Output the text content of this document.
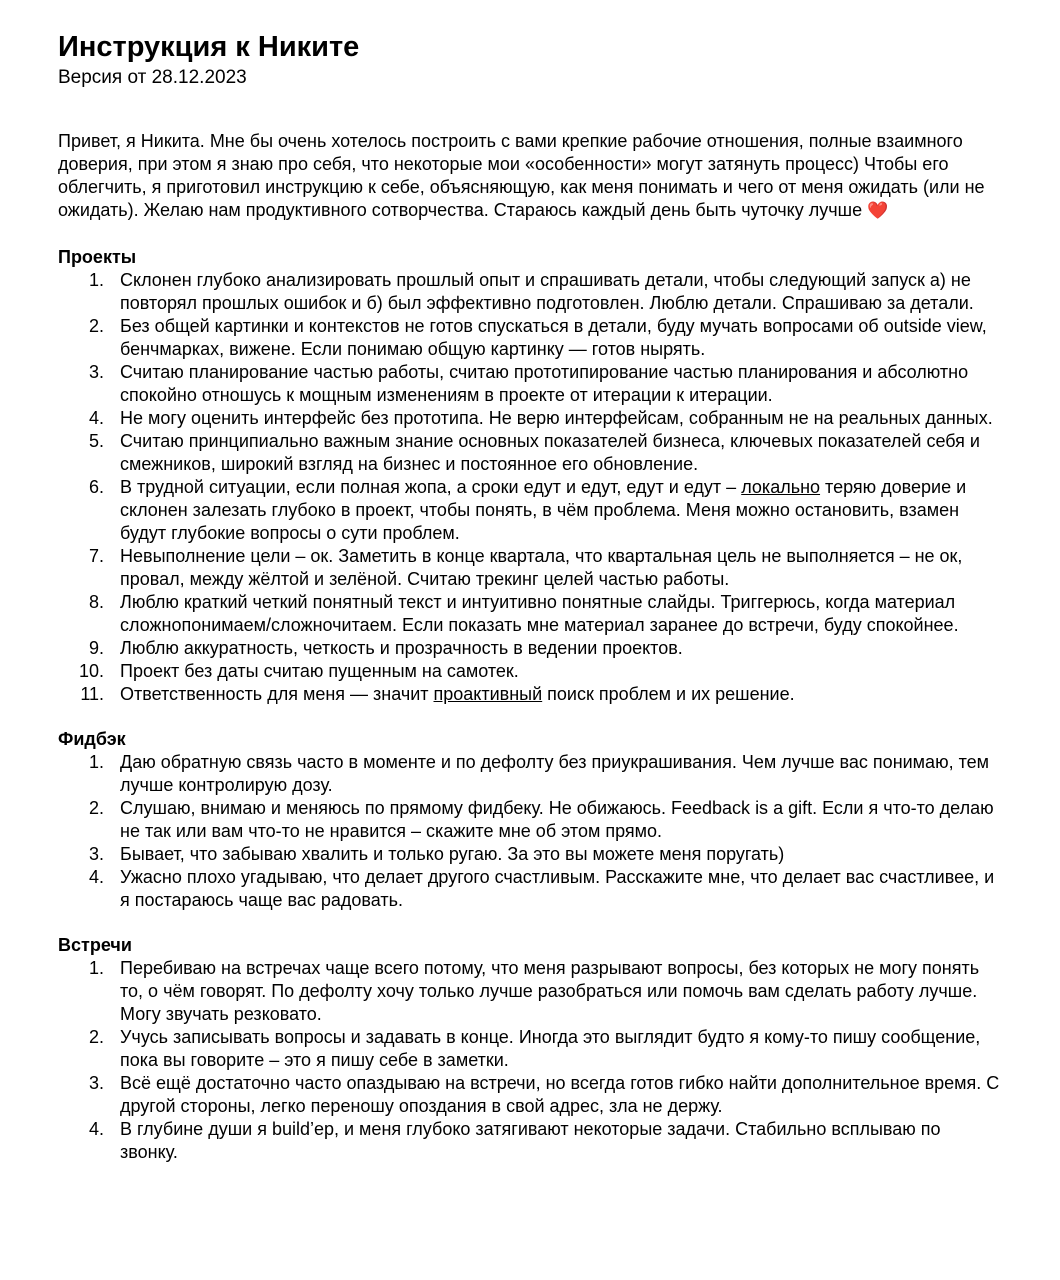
Инструкция к Никите

Версия от 28.12.2023

Привет, я Никита. Мне бы очень хотелось построить с вами крепкие рабочие отношения, полные взаимного доверия, при этом я знаю про себя, что некоторые мои «особенности» могут затянуть процесс) Чтобы его облегчить, я приготовил инструкцию к себе, объясняющую, как меня понимать и чего от меня ожидать (или не ожидать). Желаю нам продуктивного сотворчества. Стараюсь каждый день быть чуточку лучше ❤️

Проекты
1. Склонен глубоко анализировать прошлый опыт и спрашивать детали, чтобы следующий запуск а) не повторял прошлых ошибок и б) был эффективно подготовлен. Люблю детали. Спрашиваю за детали.
2. Без общей картинки и контекстов не готов спускаться в детали, буду мучать вопросами об outside view, бенчмарках, вижене. Если понимаю общую картинку — готов нырять.
3. Считаю планирование частью работы, считаю прототипирование частью планирования и абсолютно спокойно отношусь к мощным изменениям в проекте от итерации к итерации.
4. Не могу оценить интерфейс без прототипа. Не верю интерфейсам, собранным не на реальных данных.
5. Считаю принципиально важным знание основных показателей бизнеса, ключевых показателей себя и смежников, широкий взгляд на бизнес и постоянное его обновление.
6. В трудной ситуации, если полная жопа, а сроки едут и едут, едут и едут – локально теряю доверие и склонен залезать глубоко в проект, чтобы понять, в чём проблема. Меня можно остановить, взамен будут глубокие вопросы о сути проблем.
7. Невыполнение цели – ок. Заметить в конце квартала, что квартальная цель не выполняется – не ок, провал, между жёлтой и зелёной. Считаю трекинг целей частью работы.
8. Люблю краткий четкий понятный текст и интуитивно понятные слайды. Триггерюсь, когда материал сложнопонимаем/сложночитаем. Если показать мне материал заранее до встречи, буду спокойнее.
9. Люблю аккуратность, четкость и прозрачность в ведении проектов.
10. Проект без даты считаю пущенным на самотек.
11. Ответственность для меня — значит проактивный поиск проблем и их решение.
Фидбэк
1. Даю обратную связь часто в моменте и по дефолту без приукрашивания. Чем лучше вас понимаю, тем лучше контролирую дозу.
2. Слушаю, внимаю и меняюсь по прямому фидбеку. Не обижаюсь. Feedback is a gift. Если я что-то делаю не так или вам что-то не нравится – скажите мне об этом прямо.
3. Бывает, что забываю хвалить и только ругаю. За это вы можете меня поругать)
4. Ужасно плохо угадываю, что делает другого счастливым. Расскажите мне, что делает вас счастливее, и я постараюсь чаще вас радовать.
Встречи
1. Перебиваю на встречах чаще всего потому, что меня разрывают вопросы, без которых не могу понять то, о чём говорят. По дефолту хочу только лучше разобраться или помочь вам сделать работу лучше. Могу звучать резковато.
2. Учусь записывать вопросы и задавать в конце. Иногда это выглядит будто я кому-то пишу сообщение, пока вы говорите – это я пишу себе в заметки.
3. Всё ещё достаточно часто опаздываю на встречи, но всегда готов гибко найти дополнительное время. С другой стороны, легко переношу опоздания в свой адрес, зла не держу.
4. В глубине души я build’ер, и меня глубоко затягивают некоторые задачи. Стабильно всплываю по звонку.
